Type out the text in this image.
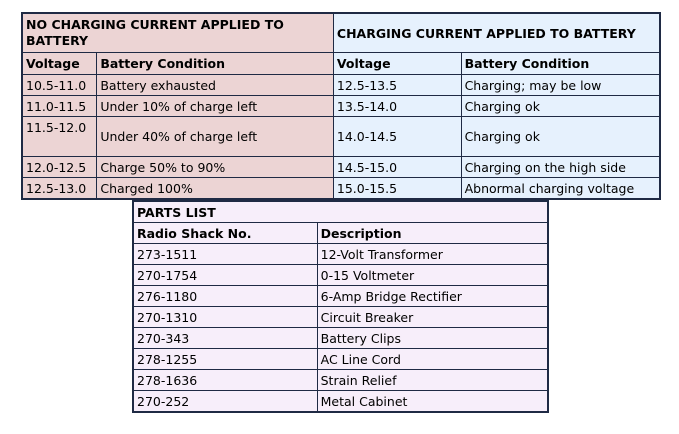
NO CHARGING CURRENT APPLIED TO BATTERY		CHARGING CURRENT APPLIED TO BATTERY	
Voltage	Battery Condition	Voltage	Battery Condition
10.5-11.0	Battery exhausted	12.5-13.5	Charging; may be low
11.0-11.5	Under 10% of charge left	13.5-14.0	Charging ok
11.5-12.0	Under 40% of charge left	14.0-14.5	Charging ok
12.0-12.5	Charge 50% to 90%	14.5-15.0	Charging on the high side
12.5-13.0	Charged 100%	15.0-15.5	Abnormal charging voltage
PARTS LIST	
Radio Shack No.	Description
273-1511	12-Volt Transformer
270-1754	0-15 Voltmeter
276-1180	6-Amp Bridge Rectifier
270-1310	Circuit Breaker
270-343	Battery Clips
278-1255	AC Line Cord
278-1636	Strain Relief
270-252	Metal Cabinet
